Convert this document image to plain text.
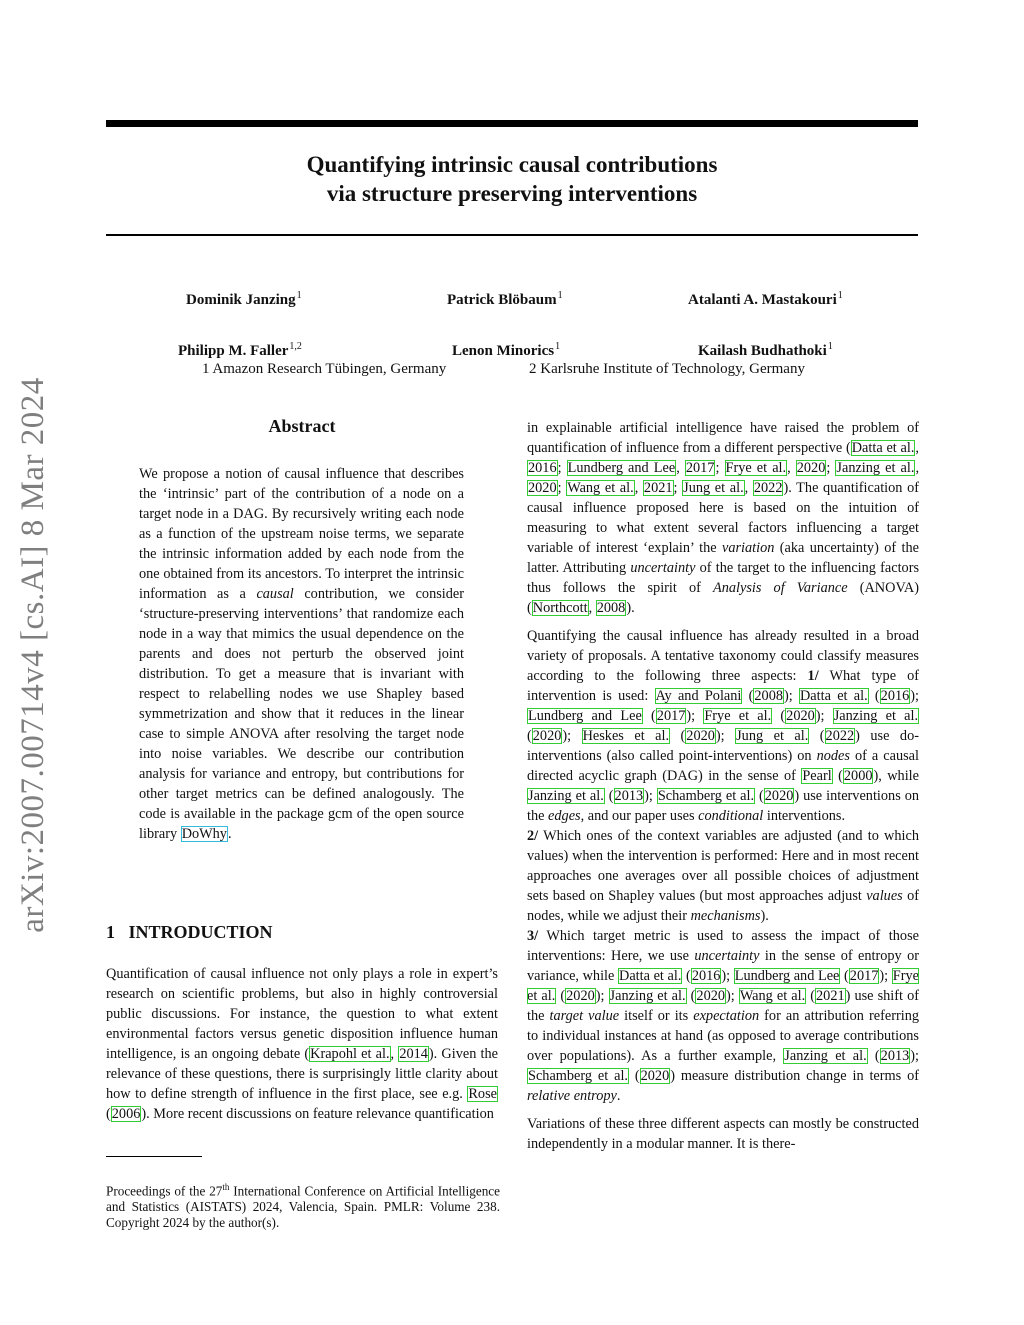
arXiv:2007.00714v4 [cs.AI] 8 Mar 2024
Quantifying intrinsic causal contributions
via structure preserving interventions
Dominik Janzing$^1$	Patrick Blöbaum$^1$	Atalanti A. Mastakouri$^1$
Philipp M. Faller$^{1,2}$	Lenon Minorics$^1$	Kailash Budhathoki$^1$
1 Amazon Research Tübingen, Germany	2 Karlsruhe Institute of Technology, Germany
Abstract
We propose a notion of causal influence that describes the ‘intrinsic’ part of the contribution of a node on a target node in a DAG. By recursively writing each node as a function of the upstream noise terms, we separate the intrinsic information added by each node from the one obtained from its ancestors. To interpret the intrinsic information as a causal contribution, we consider ‘structure-preserving interventions’ that randomize each node in a way that mimics the usual dependence on the parents and does not perturb the observed joint distribution. To get a measure that is invariant with respect to relabelling nodes we use Shapley based symmetrization and show that it reduces in the linear case to simple ANOVA after resolving the target node into noise variables. We describe our contribution analysis for variance and entropy, but contributions for other target metrics can be defined analogously. The code is available in the package gcm of the open source library DoWhy.
1   INTRODUCTION
Quantification of causal influence not only plays a role in expert’s research on scientific problems, but also in highly controversial public discussions. For instance, the question to what extent environmental factors versus genetic disposition influence human intelligence, is an ongoing debate (Krapohl et al., 2014). Given the relevance of these questions, there is surprisingly little clarity about how to define strength of influence in the first place, see e.g. Rose (2006). More recent discussions on feature relevance quantification
Proceedings of the 27th International Conference on Artificial Intelligence and Statistics (AISTATS) 2024, Valencia, Spain. PMLR: Volume 238. Copyright 2024 by the author(s).

in explainable artificial intelligence have raised the problem of quantification of influence from a different perspective (Datta et al., 2016; Lundberg and Lee, 2017; Frye et al., 2020; Janzing et al., 2020; Wang et al., 2021; Jung et al., 2022). The quantification of causal influence proposed here is based on the intuition of measuring to what extent several factors influencing a target variable of interest ‘explain’ the variation (aka uncertainty) of the latter. Attributing uncertainty of the target to the influencing factors thus follows the spirit of Analysis of Variance (ANOVA) (Northcott, 2008).

Quantifying the causal influence has already resulted in a broad variety of proposals. A tentative taxonomy could classify measures according to the following three aspects: 1/ What type of intervention is used: Ay and Polani (2008); Datta et al. (2016); Lundberg and Lee (2017); Frye et al. (2020); Janzing et al. (2020); Heskes et al. (2020); Jung et al. (2022) use do-interventions (also called point-interventions) on nodes of a causal directed acyclic graph (DAG) in the sense of Pearl (2000), while Janzing et al. (2013); Schamberg et al. (2020) use interventions on the edges, and our paper uses conditional interventions.
2/ Which ones of the context variables are adjusted (and to which values) when the intervention is performed: Here and in most recent approaches one averages over all possible choices of adjustment sets based on Shapley values (but most approaches adjust values of nodes, while we adjust their mechanisms).
3/ Which target metric is used to assess the impact of those interventions: Here, we use uncertainty in the sense of entropy or variance, while Datta et al. (2016); Lundberg and Lee (2017); Frye et al. (2020); Janzing et al. (2020); Wang et al. (2021) use shift of the target value itself or its expectation for an attribution referring to individual instances at hand (as opposed to average contributions over populations). As a further example, Janzing et al. (2013); Schamberg et al. (2020) measure distribution change in terms of relative entropy.

Variations of these three different aspects can mostly be constructed independently in a modular manner. It is there-
